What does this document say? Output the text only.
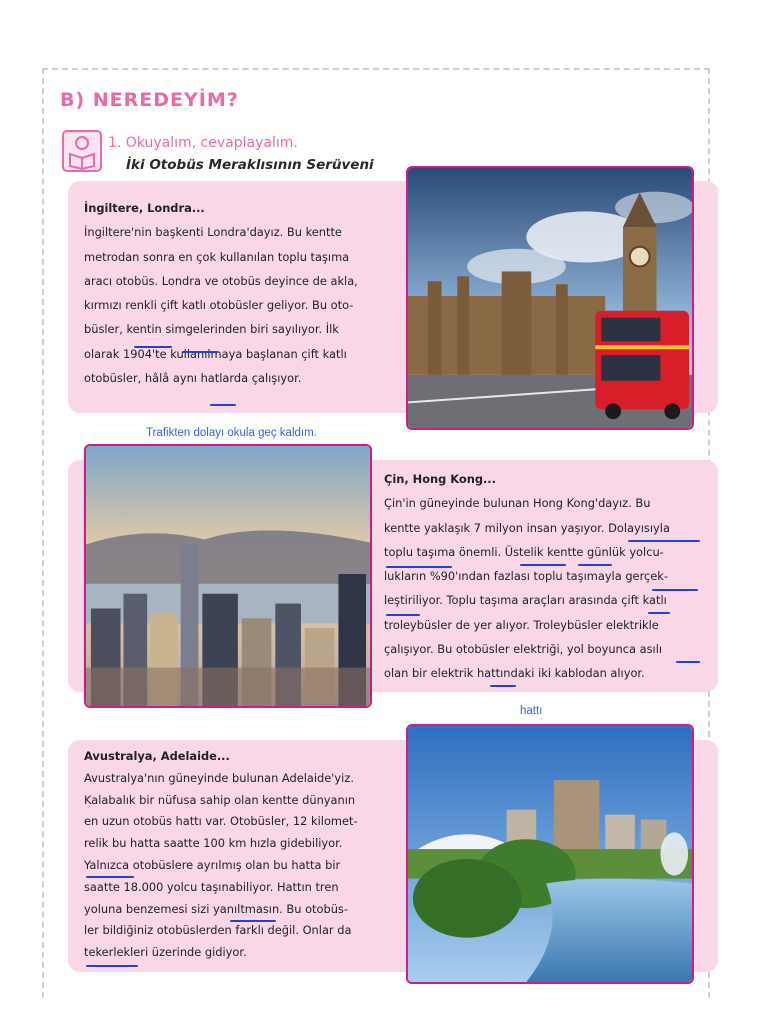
B) NEREDEYİM?
1. Okuyalım, cevaplayalım.
İki Otobüs Meraklısının Serüveni
İngiltere, Londra...
İngiltere'nin başkenti Londra'dayız. Bu kentte
metrodan sonra en çok kullanılan toplu taşıma
aracı otobüs. Londra ve otobüs deyince de akla,
kırmızı renkli çift katlı otobüsler geliyor. Bu oto-
büsler, kentin simgelerinden biri sayılıyor. İlk
olarak 1904'te kullanılmaya başlanan çift katlı
otobüsler, hâlâ aynı hatlarda çalışıyor.
Trafikten dolayı okula geç kaldım.
Çin, Hong Kong...
Çin'in güneyinde bulunan Hong Kong'dayız. Bu
kentte yaklaşık 7 milyon insan yaşıyor. Dolayısıyla
toplu taşıma önemli. Üstelik kentte günlük yolcu-
lukların %90'ından fazlası toplu taşımayla gerçek-
leştiriliyor. Toplu taşıma araçları arasında çift katlı
troleybüsler de yer alıyor. Troleybüsler elektrikle
çalışıyor. Bu otobüsler elektriği, yol boyunca asılı
olan bir elektrik hattındaki iki kablodan alıyor.
hattı
Avustralya, Adelaide...
Avustralya'nın güneyinde bulunan Adelaide'yiz.
Kalabalık bir nüfusa sahip olan kentte dünyanın
en uzun otobüs hattı var. Otobüsler, 12 kilomet-
relik bu hatta saatte 100 km hızla gidebiliyor.
Yalnızca otobüslere ayrılmış olan bu hatta bir
saatte 18.000 yolcu taşınabiliyor. Hattın tren
yoluna benzemesi sizi yanıltmasın. Bu otobüs-
ler bildiğiniz otobüslerden farklı değil. Onlar da
tekerlekleri üzerinde gidiyor.
